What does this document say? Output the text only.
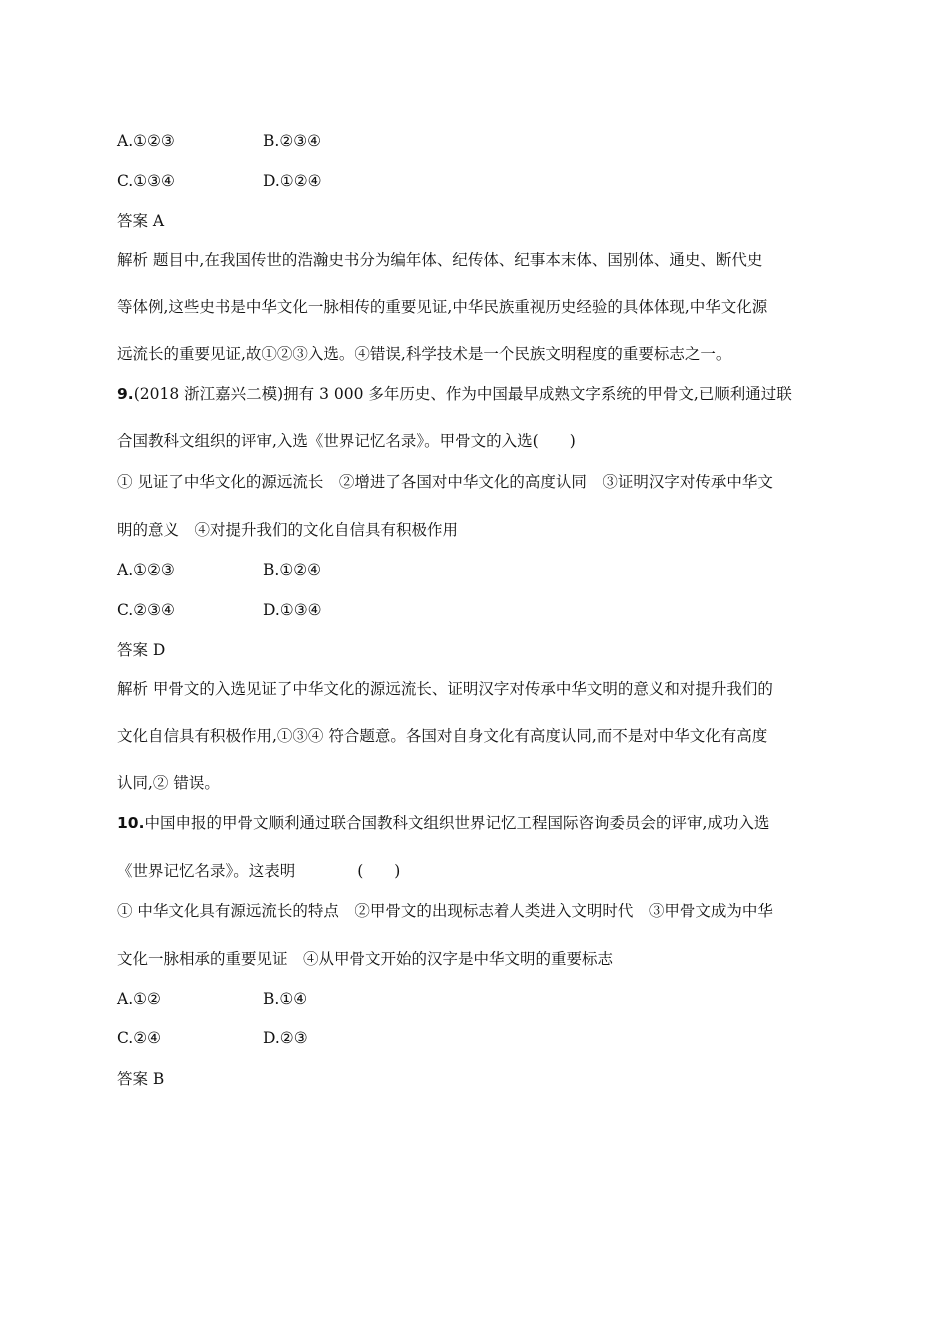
A.①②③	B.②③④
C.①③④	D.①②④
答案 A
解析 题目中,在我国传世的浩瀚史书分为编年体、纪传体、纪事本末体、国别体、通史、断代史
等体例,这些史书是中华文化一脉相传的重要见证,中华民族重视历史经验的具体体现,中华文化源
远流长的重要见证,故①②③入选。④错误,科学技术是一个民族文明程度的重要标志之一。
9.(2018 浙江嘉兴二模)拥有 3 000 多年历史、作为中国最早成熟文字系统的甲骨文,已顺利通过联
合国教科文组织的评审,入选《世界记忆名录》。甲骨文的入选(　　)
① 见证了中华文化的源远流长　②增进了各国对中华文化的高度认同　③证明汉字对传承中华文
明的意义　④对提升我们的文化自信具有积极作用
A.①②③	B.①②④
C.②③④	D.①③④
答案 D
解析 甲骨文的入选见证了中华文化的源远流长、证明汉字对传承中华文明的意义和对提升我们的
文化自信具有积极作用,①③④ 符合题意。各国对自身文化有高度认同,而不是对中华文化有高度
认同,② 错误。
10.中国申报的甲骨文顺利通过联合国教科文组织世界记忆工程国际咨询委员会的评审,成功入选
《世界记忆名录》。这表明　　　　(　　)
① 中华文化具有源远流长的特点　②甲骨文的出现标志着人类进入文明时代　③甲骨文成为中华
文化一脉相承的重要见证　④从甲骨文开始的汉字是中华文明的重要标志
A.①②	B.①④
C.②④	D.②③
答案 B
